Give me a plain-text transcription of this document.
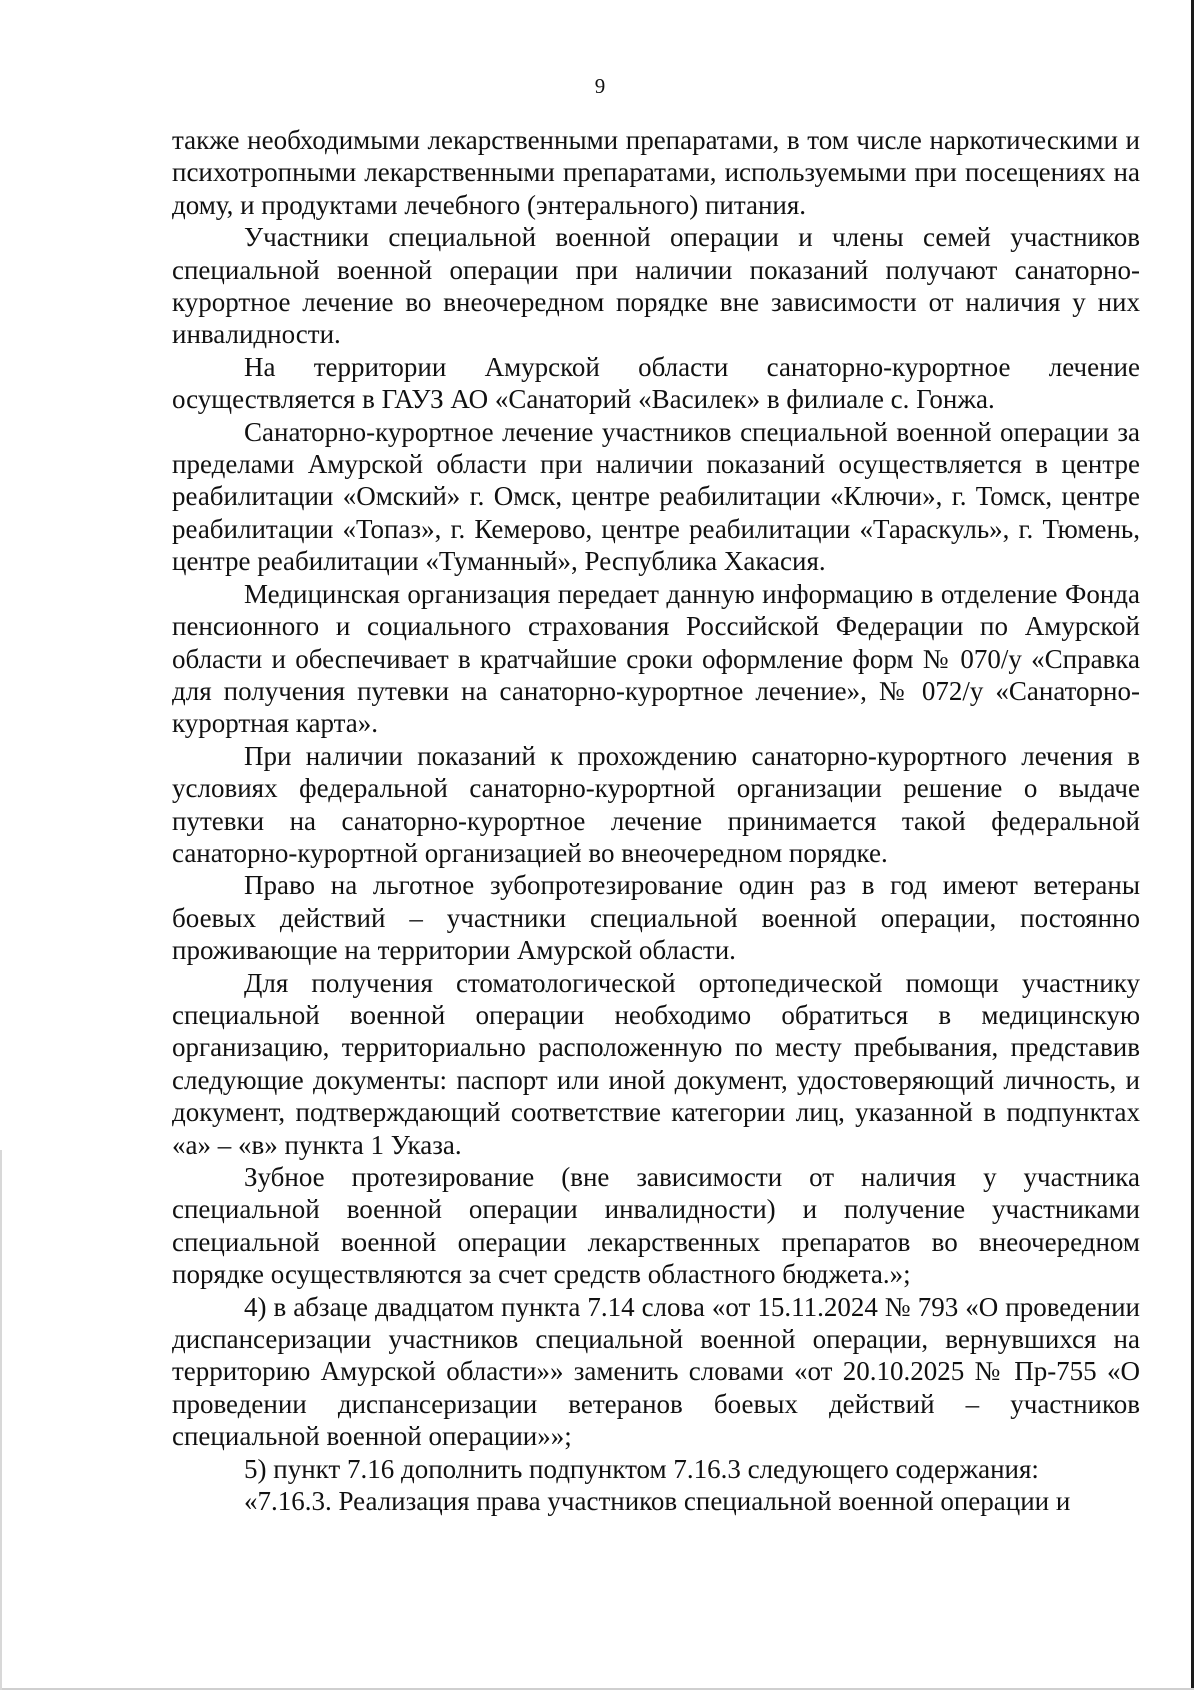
9

также необходимыми лекарственными препаратами, в том числе наркотическими и психотропными лекарственными препаратами, используемыми при посещениях на дому, и продуктами лечебного (энтерального) питания.

Участники специальной военной операции и члены семей участников специальной военной операции при наличии показаний получают санаторно-курортное лечение во внеочередном порядке вне зависимости от наличия у них инвалидности.

На территории Амурской области санаторно-курортное лечение осуществляется в ГАУЗ АО «Санаторий «Василек» в филиале с. Гонжа.

Санаторно-курортное лечение участников специальной военной операции за пределами Амурской области при наличии показаний осуществляется в центре реабилитации «Омский» г. Омск, центре реабилитации «Ключи», г. Томск, центре реабилитации «Топаз», г. Кемерово, центре реабилитации «Тараскуль», г. Тюмень, центре реабилитации «Туманный», Республика Хакасия.

Медицинская организация передает данную информацию в отделение Фонда пенсионного и социального страхования Российской Федерации по Амурской области и обеспечивает в кратчайшие сроки оформление форм № 070/у «Справка для получения путевки на санаторно-курортное лечение», № 072/у «Санаторно-курортная карта».

При наличии показаний к прохождению санаторно-курортного лечения в условиях федеральной санаторно-курортной организации решение о выдаче путевки на санаторно-курортное лечение принимается такой федеральной санаторно-курортной организацией во внеочередном порядке.

Право на льготное зубопротезирование один раз в год имеют ветераны боевых действий – участники специальной военной операции, постоянно проживающие на территории Амурской области.

Для получения стоматологической ортопедической помощи участнику специальной военной операции необходимо обратиться в медицинскую организацию, территориально расположенную по месту пребывания, представив следующие документы: паспорт или иной документ, удостоверяющий личность, и документ, подтверждающий соответствие категории лиц, указанной в подпунктах «а» – «в» пункта 1 Указа.

Зубное протезирование (вне зависимости от наличия у участника специальной военной операции инвалидности) и получение участниками специальной военной операции лекарственных препаратов во внеочередном порядке осуществляются за счет средств областного бюджета.»;

4) в абзаце двадцатом пункта 7.14 слова «от 15.11.2024 № 793 «О проведении диспансеризации участников специальной военной операции, вернувшихся на территорию Амурской области»» заменить словами «от 20.10.2025 № Пр-755 «О проведении диспансеризации ветеранов боевых действий – участников специальной военной операции»»;

5) пункт 7.16 дополнить подпунктом 7.16.3 следующего содержания:

«7.16.3. Реализация права участников специальной военной операции и
